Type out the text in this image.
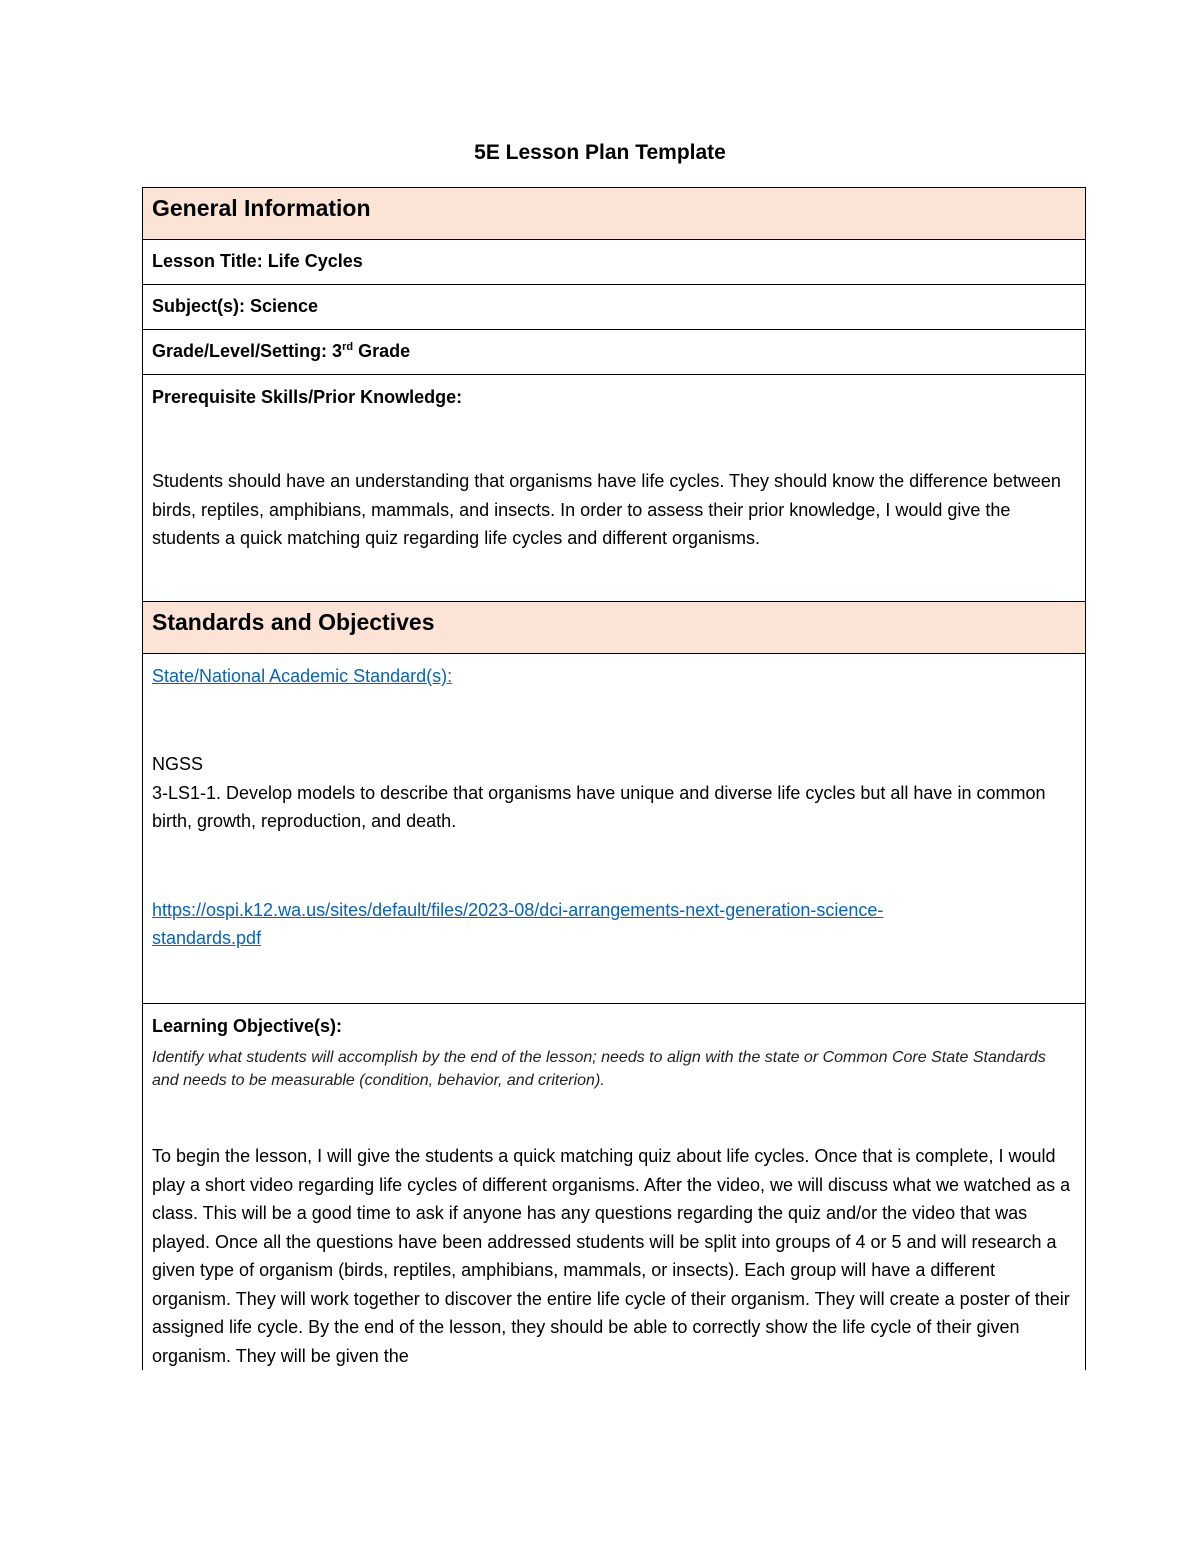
5E Lesson Plan Template
General Information

Lesson Title: Life Cycles

Subject(s): Science

Grade/Level/Setting: 3rd Grade

Prerequisite Skills/Prior Knowledge:

Students should have an understanding that organisms have life cycles. They should know the difference between birds, reptiles, amphibians, mammals, and insects. In order to assess their prior knowledge, I would give the students a quick matching quiz regarding life cycles and different organisms.

Standards and Objectives

State/National Academic Standard(s):

NGSS

3-LS1-1. Develop models to describe that organisms have unique and diverse life cycles but all have in common birth, growth, reproduction, and death.

https://ospi.k12.wa.us/sites/default/files/2023-08/dci-arrangements-next-generation-science-
standards.pdf

Learning Objective(s):

Identify what students will accomplish by the end of the lesson; needs to align with the state or Common Core State Standards and needs to be measurable (condition, behavior, and criterion).

To begin the lesson, I will give the students a quick matching quiz about life cycles. Once that is complete, I would play a short video regarding life cycles of different organisms. After the video, we will discuss what we watched as a class. This will be a good time to ask if anyone has any questions regarding the quiz and/or the video that was played. Once all the questions have been addressed students will be split into groups of 4 or 5 and will research a given type of organism (birds, reptiles, amphibians, mammals, or insects). Each group will have a different organism. They will work together to discover the entire life cycle of their organism. They will create a poster of their assigned life cycle. By the end of the lesson, they should be able to correctly show the life cycle of their given organism. They will be given the
